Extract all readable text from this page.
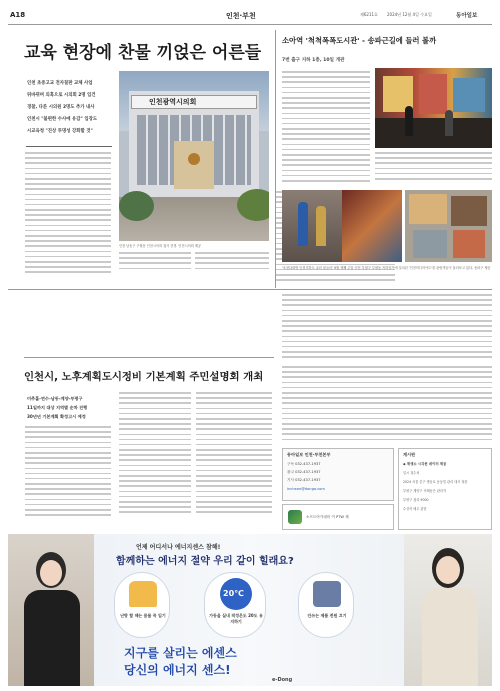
A18	인천·부천	제6211호 2024년 12월 4일 수요일	동아일보
교육 현장에 찬물 끼얹은 어른들
인천 초중고교 전자칠판 교체 사업
뒤바뀌며 의혹으로 시의회 2명 입건
경찰, 다른 시의원 2명도 추가 내사
인천시 "불편한 수사에 유감" 입장도
시교육청 "진상 투명성 강화할 것"
인천광역시의회
인천 남동구 구월동 인천시의회 청사 전경. 인천시의회 제공
소아역 '척척폭폭도시관' - 송파근길에 들러 볼까
7번 출구 지하 1층, 10일 개관
'포천다락방 인천지하도 굴러 물들어' 9월 셋째 주말 인천 부평구 부평동 지하상가에 설치된 '인천미디어아트'를 관람객들이 둘러보고 있다. 송파구 제공
인천시, 노후계획도시정비 기본계획 주민설명회 개최
미추홀-연수-남동-계양-부평구
11일까지 대상 지역별 순차 진행
30년년 기본계획 확정고시 예정
동아일보 인천·부천본부
구독 032-437-1937
광고 032-437-1937
기사 032-437-1937
incheon@donga.com
소프트아카데미 이 PTW 제
게시판
◆ 제생소 시각문 데이터 제공
일시 접수처
2024 서울 중구 명동로 동동빌 관리 대사 절한
부평구 계양구 의례동은 관리자
부평구 청리 9000
수상자 배우 관한
언제 어디서나 에너지센스 참해!
함께하는 에너지 절약 우리 같이 힐래요?
난방 할 때는 몸물 목 입기
20℃
가동을 실내 적정온도 20도 유지하기
안쓰는 제품 전원 끄기
지구를 살리는 에센스
당신의 에너지 센스!
e-Dong
